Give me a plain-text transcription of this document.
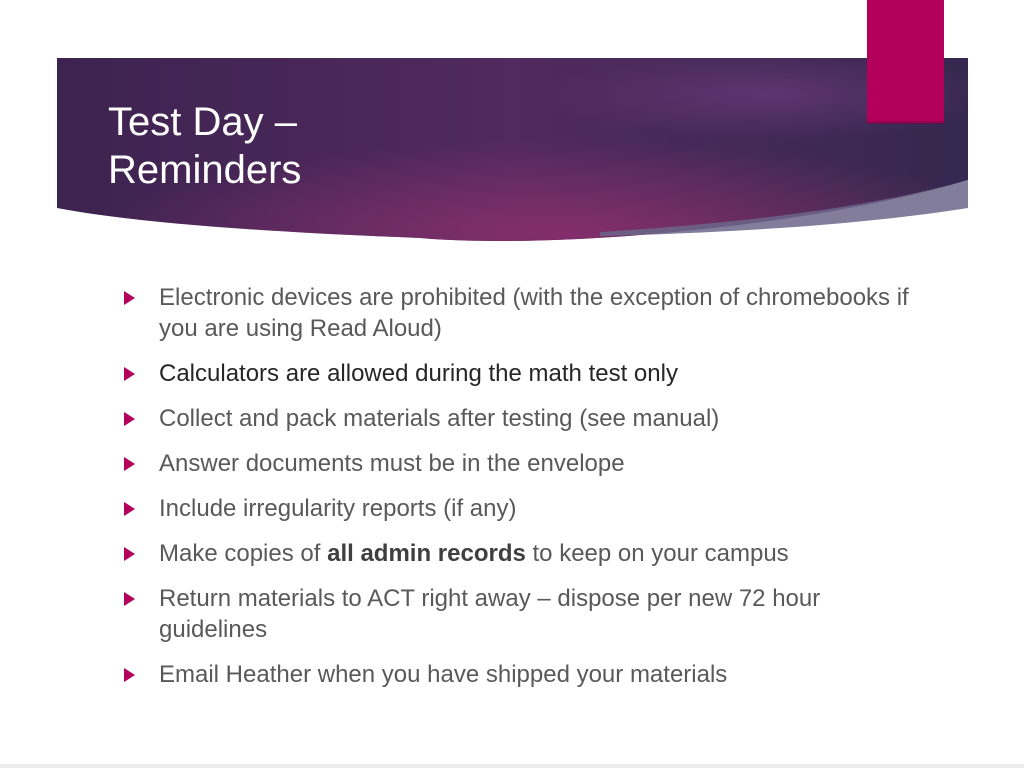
Test Day –
Reminders
Electronic devices are prohibited (with the exception of chromebooks if you are using Read Aloud)
Calculators are allowed during the math test only
Collect and pack materials after testing (see manual)
Answer documents must be in the envelope
Include irregularity reports (if any)
Make copies of all admin records to keep on your campus
Return materials to ACT right away – dispose per new 72 hour guidelines
Email Heather when you have shipped your materials
